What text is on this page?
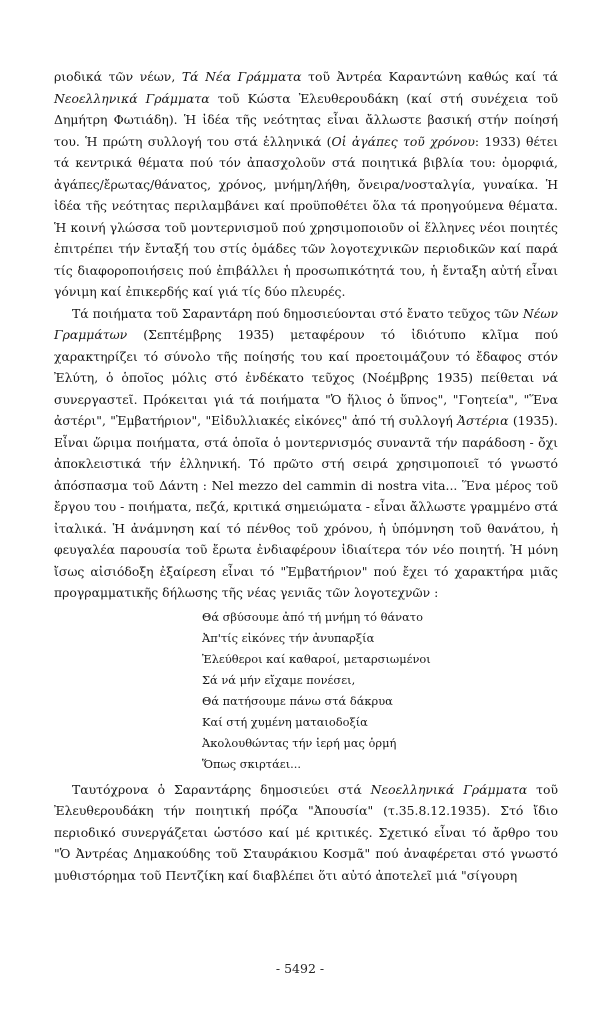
ριοδικά τῶν νέων, Τά Νέα Γράμματα τοῦ Ἀντρέα Καραντώνη καθώς καί τά Νεοελληνικά Γράμματα τοῦ Κώστα Ἐλευθερουδάκη (καί στή συνέχεια τοῦ Δημήτρη Φωτιάδη). Ἡ ἰδέα τῆς νεότητας εἶναι ἄλλωστε βασική στήν ποίησή του. Ἡ πρώτη συλλογή του στά ἑλληνικά (Οἱ ἀγάπες τοῦ χρόνου: 1933) θέτει τά κεντρικά θέματα πού τόν ἀπασχολοῦν στά ποιητικά βιβλία του: ὀμορφιά, ἀγάπες/ἔρωτας/θάνατος, χρόνος, μνήμη/λήθη, ὄνειρα/νοσταλγία, γυναίκα. Ἡ ἰδέα τῆς νεότητας περιλαμβάνει καί προϋποθέτει ὅλα τά προηγούμενα θέματα. Ἡ κοινή γλώσσα τοῦ μοντερνισμοῦ πού χρησιμοποιοῦν οἱ ἕλληνες νέοι ποιητές ἐπιτρέπει τήν ἔνταξή του στίς ὁμάδες τῶν λογοτεχνικῶν περιοδικῶν καί παρά τίς διαφοροποιήσεις πού ἐπιβάλλει ἡ προσωπικότητά του, ἡ ἔνταξη αὐτή εἶναι γόνιμη καί ἐπικερδής καί γιά τίς δύο πλευρές.

Τά ποιήματα τοῦ Σαραντάρη πού δημοσιεύονται στό ἔνατο τεῦχος τῶν Νέων Γραμμάτων (Σεπτέμβρης 1935) μεταφέρουν τό ἰδιότυπο κλῖμα πού χαρακτηρίζει τό σύνολο τῆς ποίησής του καί προετοιμάζουν τό ἔδαφος στόν Ἐλύτη, ὁ ὁποῖος μόλις στό ἑνδέκατο τεῦχος (Νοέμβρης 1935) πείθεται νά συνεργαστεῖ. Πρόκειται γιά τά ποιήματα "Ὁ ἥλιος ὁ ὕπνος", "Γοητεία", "Ἕνα ἀστέρι", "Ἐμβατήριον", "Εἰδυλλιακές εἰκόνες" ἀπό τή συλλογή Ἀστέρια (1935). Εἶναι ὥριμα ποιήματα, στά ὁποῖα ὁ μοντερνισμός συναντᾶ τήν παράδοση - ὄχι ἀποκλειστικά τήν ἑλληνική. Τό πρῶτο στή σειρά χρησιμοποιεῖ τό γνωστό ἀπόσπασμα τοῦ Δάντη : Nel mezzo del cammin di nostra vita... Ἕνα μέρος τοῦ ἔργου του - ποιήματα, πεζά, κριτικά σημειώματα - εἶναι ἄλλωστε γραμμένο στά ἰταλικά. Ἡ ἀνάμνηση καί τό πένθος τοῦ χρόνου, ἡ ὑπόμνηση τοῦ θανάτου, ἡ φευγαλέα παρουσία τοῦ ἔρωτα ἐνδιαφέρουν ἰδιαίτερα τόν νέο ποιητή. Ἡ μόνη ἴσως αἰσιόδοξη ἐξαίρεση εἶναι τό "Ἐμβατήριον" πού ἔχει τό χαρακτήρα μιᾶς προγραμματικῆς δήλωσης τῆς νέας γενιᾶς τῶν λογοτεχνῶν :

Θά σβύσουμε ἀπό τή μνήμη τό θάνατο
Ἀπ'τίς εἰκόνες τήν ἀνυπαρξία
Ἐλεύθεροι καί καθαροί, μεταρσιωμένοι
Σά νά μήν εἴχαμε πονέσει,
Θά πατήσουμε πάνω στά δάκρυα
Καί στή χυμένη ματαιοδοξία
Ἀκολουθώντας τήν ἱερή μας ὁρμή
Ὅπως σκιρτάει...

Ταυτόχρονα ὁ Σαραντάρης δημοσιεύει στά Νεοελληνικά Γράμματα τοῦ Ἐλευθερουδάκη τήν ποιητική πρόζα "Ἀπουσία" (τ.35.8.12.1935). Στό ἴδιο περιοδικό συνεργάζεται ὡστόσο καί μέ κριτικές. Σχετικό εἶναι τό ἄρθρο του "Ὁ Ἀντρέας Δημακούδης τοῦ Σταυράκιου Κοσμᾶ" πού ἀναφέρεται στό γνωστό μυθιστόρημα τοῦ Πεντζίκη καί διαβλέπει ὅτι αὐτό ἀποτελεῖ μιά "σίγουρη

- 5492 -
